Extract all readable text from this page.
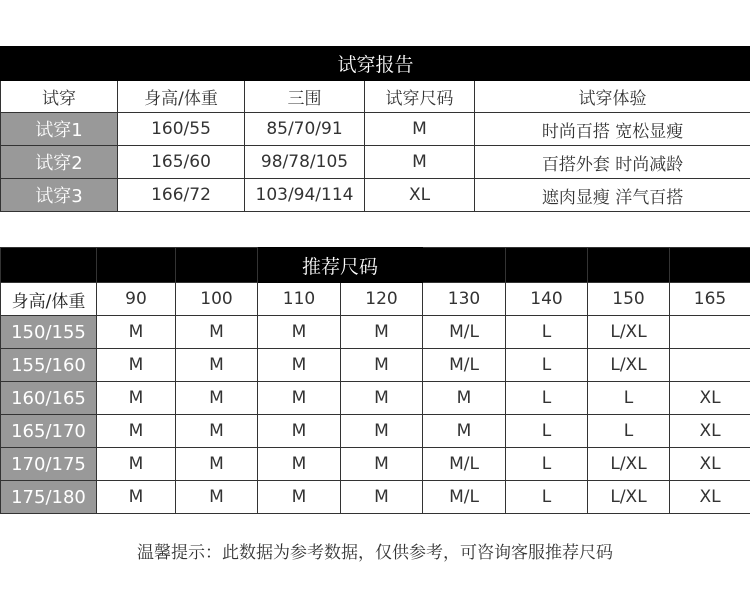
试穿报告				
试穿	身高/体重	三围	试穿尺码	试穿体验
试穿1	160/55	85/70/91	M	时尚百搭 宽松显瘦
试穿2	165/60	98/78/105	M	百搭外套 时尚减龄
试穿3	166/72	103/94/114	XL	遮肉显瘦 洋气百搭
			推荐尺码					
身高/体重	90	100	110	120	130	140	150	165
150/155	M	M	M	M	M/L	L	L/XL	
155/160	M	M	M	M	M/L	L	L/XL	
160/165	M	M	M	M	M	L	L	XL
165/170	M	M	M	M	M	L	L	XL
170/175	M	M	M	M	M/L	L	L/XL	XL
175/180	M	M	M	M	M/L	L	L/XL	XL
温馨提示：此数据为参考数据，仅供参考，可咨询客服推荐尺码
